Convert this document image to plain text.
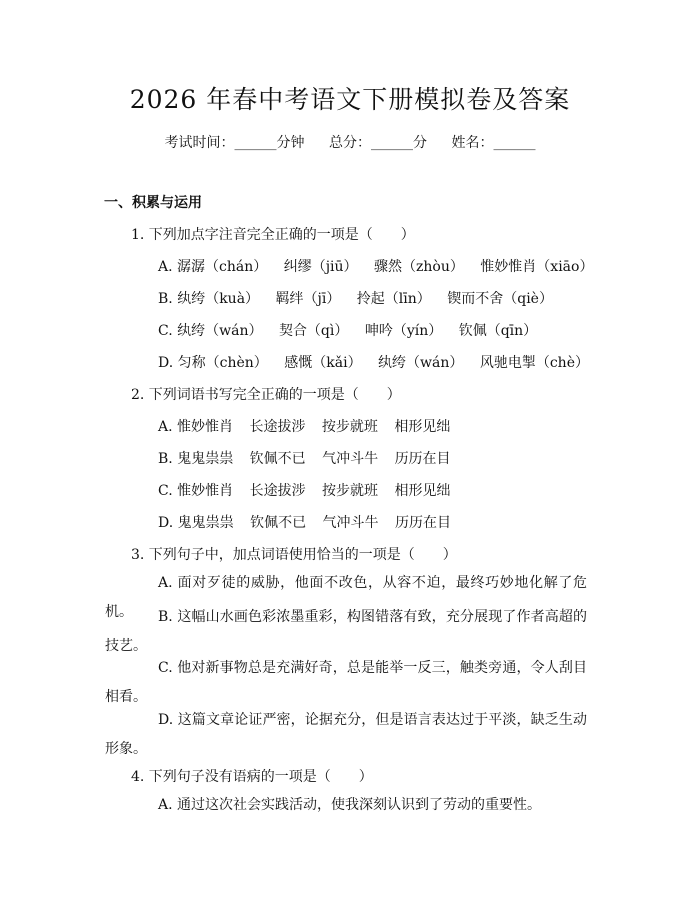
2026 年春中考语文下册模拟卷及答案
考试时间：______分钟 总分：______分 姓名：______
一、积累与运用
1. 下列加点字注音完全正确的一项是（　　）
A. 潺潺（chán） 纠缪（jiū） 骤然（zhòu） 惟妙惟肖（xiāo）
B. 纨绔（kuà） 羁绊（jī） 拎起（līn） 锲而不舍（qiè）
C. 纨绔（wán） 契合（qì） 呻吟（yín） 钦佩（qīn）
D. 匀称（chèn） 感慨（kǎi） 纨绔（wán） 风驰电掣（chè）
2. 下列词语书写完全正确的一项是（　　）
A. 惟妙惟肖 长途拔涉 按步就班 相形见绌
B. 鬼鬼祟祟 钦佩不已 气冲斗牛 历历在目
C. 惟妙惟肖 长途拔涉 按步就班 相形见绌
D. 鬼鬼祟祟 钦佩不已 气冲斗牛 历历在目
3. 下列句子中，加点词语使用恰当的一项是（　　）
A. 面对歹徒的威胁，他面不改色，从容不迫，最终巧妙地化解了危机。	B. 这幅山水画色彩浓墨重彩，构图错落有致，充分展现了作者高超的技艺。
C. 他对新事物总是充满好奇，总是能举一反三，触类旁通，令人刮目相看。
D. 这篇文章论证严密，论据充分，但是语言表达过于平淡，缺乏生动形象。
4. 下列句子没有语病的一项是（　　）
A. 通过这次社会实践活动，使我深刻认识到了劳动的重要性。
